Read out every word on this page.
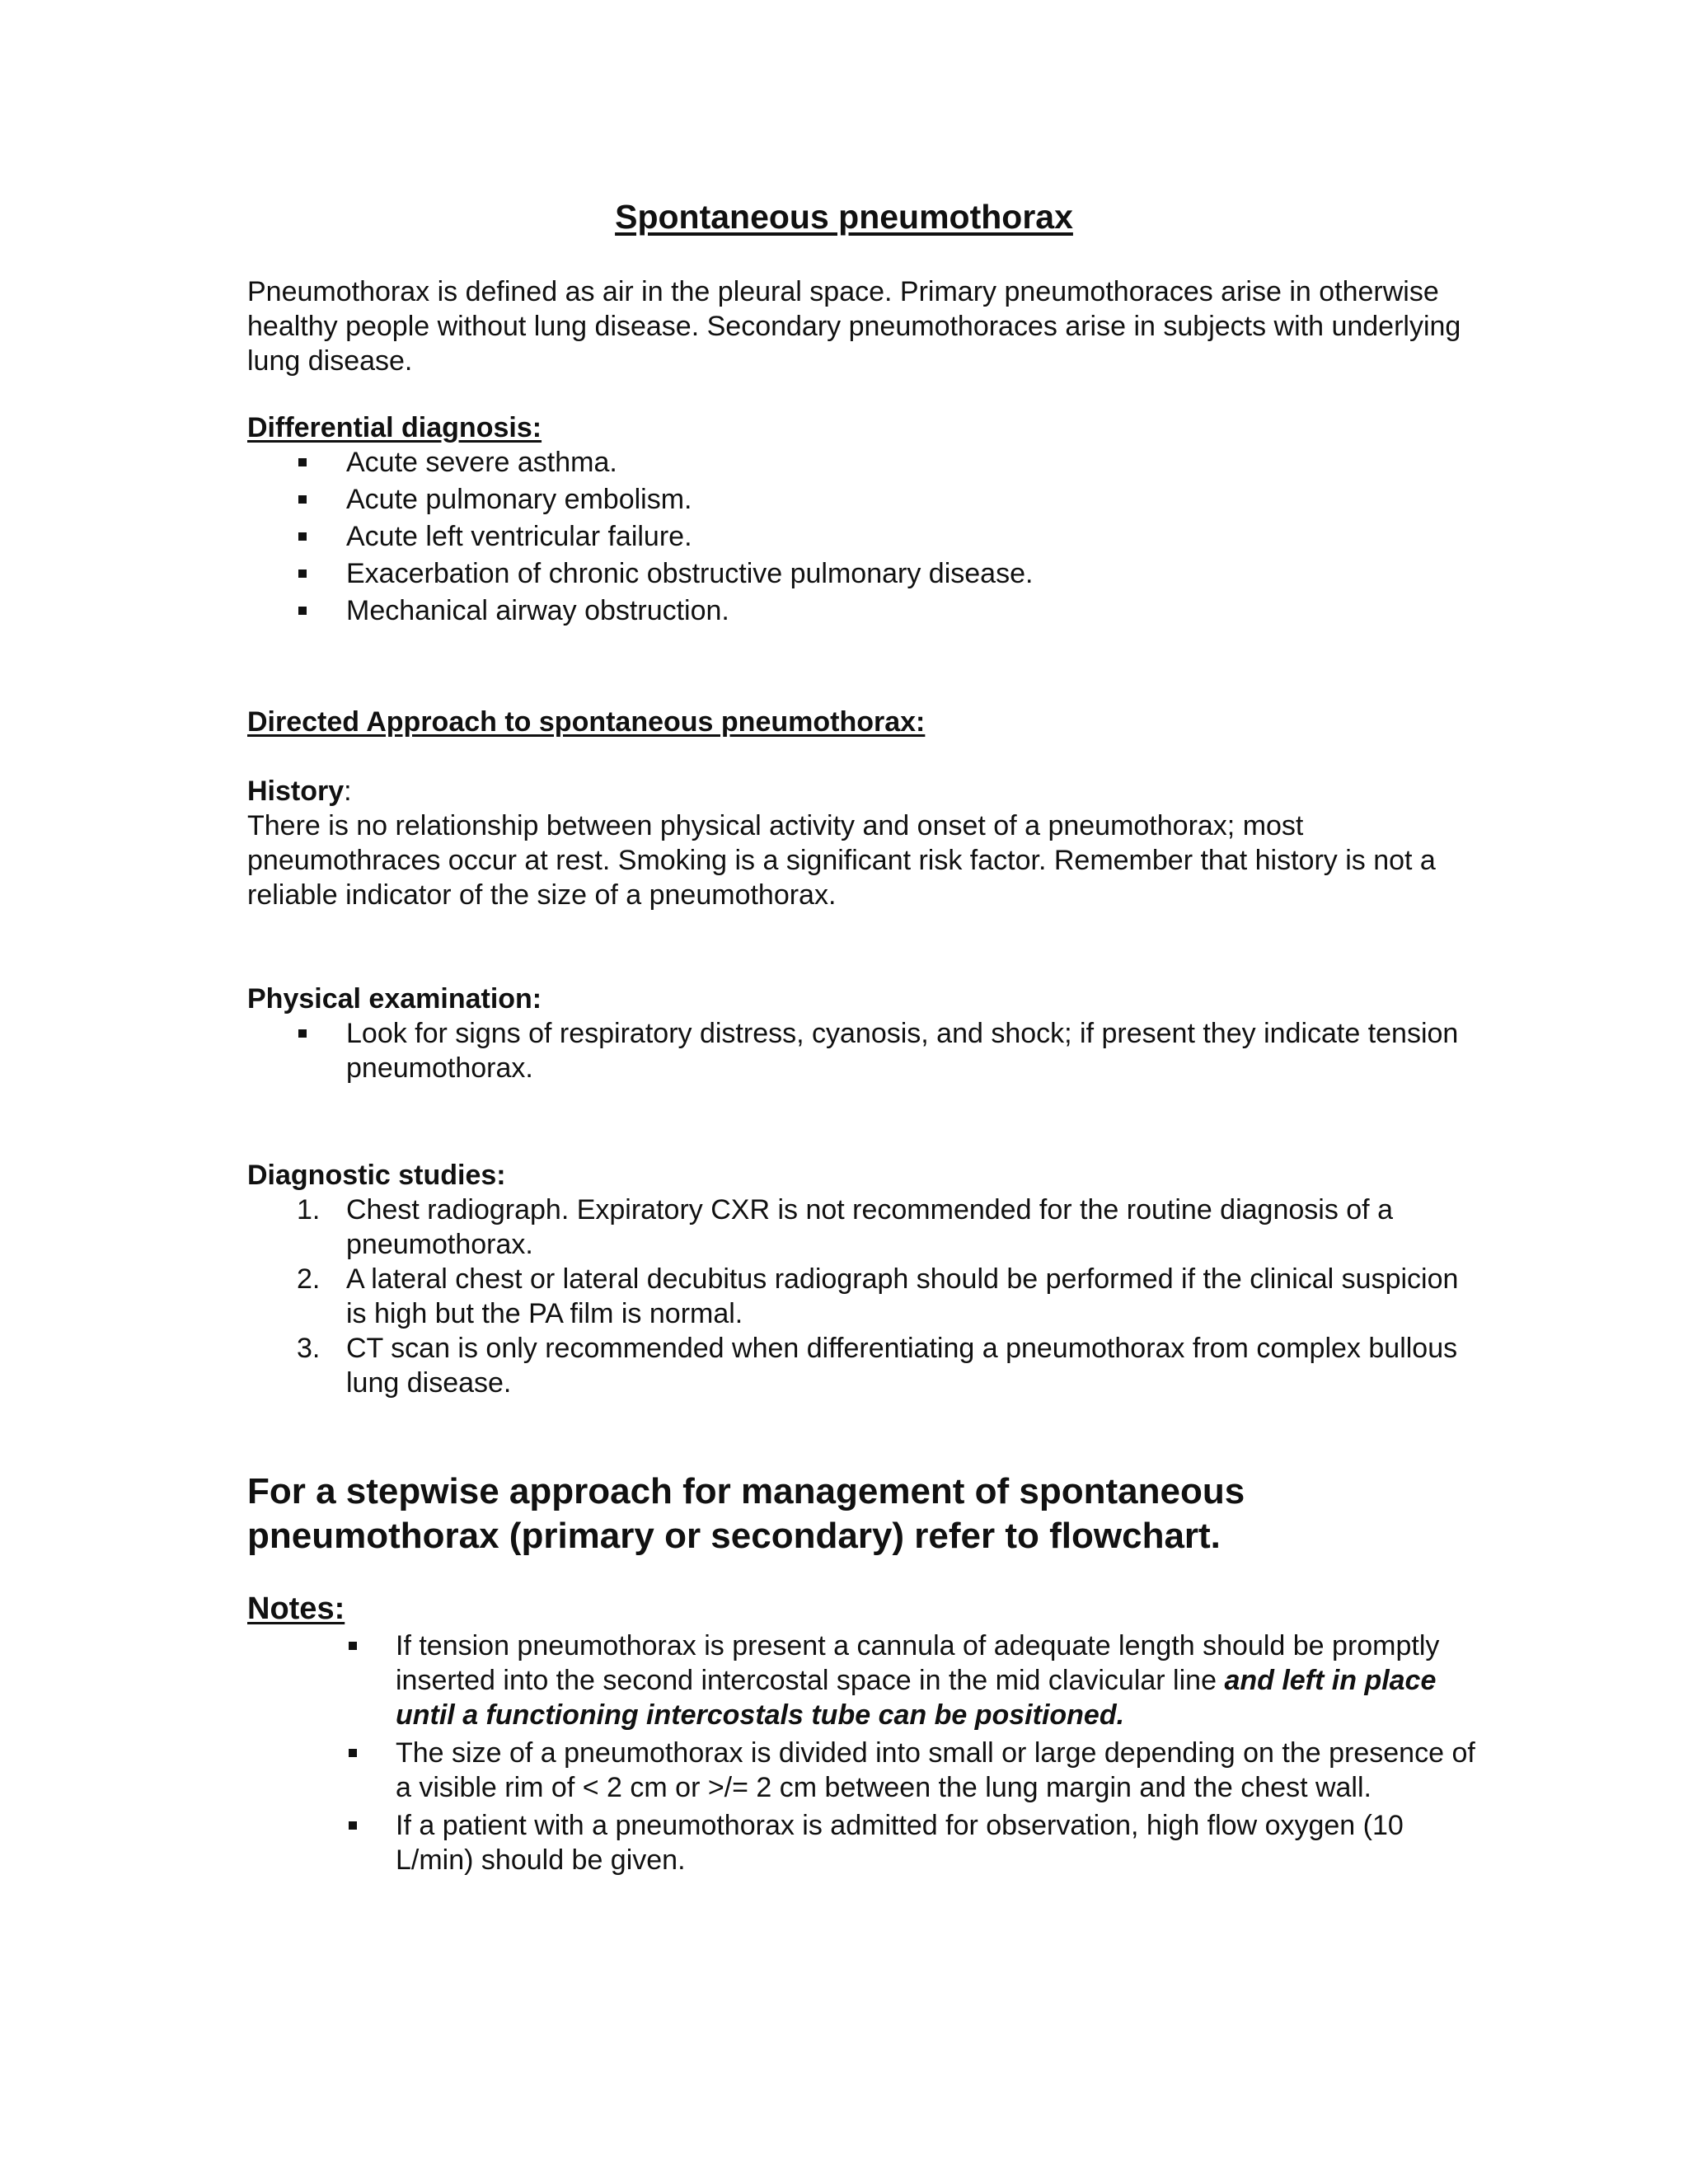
Spontaneous pneumothorax
Pneumothorax is defined as air in the pleural space. Primary pneumothoraces arise in otherwise healthy people without lung disease. Secondary pneumothoraces arise in subjects with underlying lung disease.
Differential diagnosis:
Acute severe asthma.
Acute pulmonary embolism.
Acute left ventricular failure.
Exacerbation of chronic obstructive pulmonary disease.
Mechanical airway obstruction.
Directed Approach to spontaneous pneumothorax:
History:
There is no relationship between physical activity and onset of a pneumothorax; most pneumothraces occur at rest. Smoking is a significant risk factor. Remember that history is not a reliable indicator of the size of a pneumothorax.
Physical examination:
Look for signs of respiratory distress, cyanosis, and shock; if present they indicate tension pneumothorax.
Diagnostic studies:
1. Chest radiograph. Expiratory CXR is not recommended for the routine diagnosis of a pneumothorax.
2. A lateral chest or lateral decubitus radiograph should be performed if the clinical suspicion is high but the PA film is normal.
3. CT scan is only recommended when differentiating a pneumothorax from complex bullous lung disease.
For a stepwise approach for management of spontaneous pneumothorax (primary or secondary) refer to flowchart.
Notes:
If tension pneumothorax is present a cannula of adequate length should be promptly inserted into the second intercostal space in the mid clavicular line and left in place until a functioning intercostals tube can be positioned.
The size of a pneumothorax is divided into small or large depending on the presence of a visible rim of < 2 cm or >/= 2 cm between the lung margin and the chest wall.
If a patient with a pneumothorax is admitted for observation, high flow oxygen (10 L/min) should be given.
